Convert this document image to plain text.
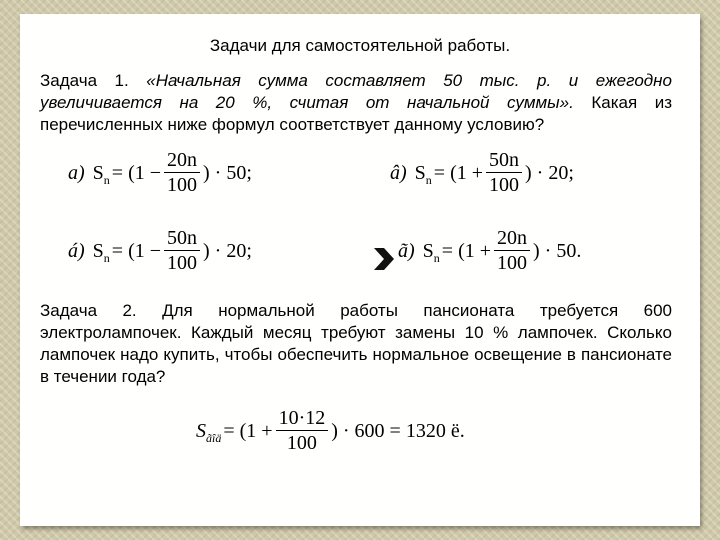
Задачи для самостоятельной работы.

Задача 1. «Начальная сумма составляет 50 тыс. р. и ежегодно увеличивается на 20 %, считая от начальной суммы». Какая из перечисленных ниже формул соответствует данному условию?

a) S $n = (1 - \frac{20n}{100}$ ) · 50;	â) S $n = (1 + \frac{50n}{100}$ ) · 20;
á) S $n = (1 - \frac{50n}{100}$ ) · 20;	ã) S $n = (1 + \frac{20n}{100}$ ) · 50.

Задача 2. Для нормальной работы пансионата требуется 600 электролампочек. Каждый месяц требуют замены 10 % лампочек. Сколько лампочек надо купить, чтобы обеспечить нормальное освещение в пансионате в течении года?

S ãîä = ($1 + \frac{10\cdot 12}{100}$ ) · 600 = 1320 ë.
